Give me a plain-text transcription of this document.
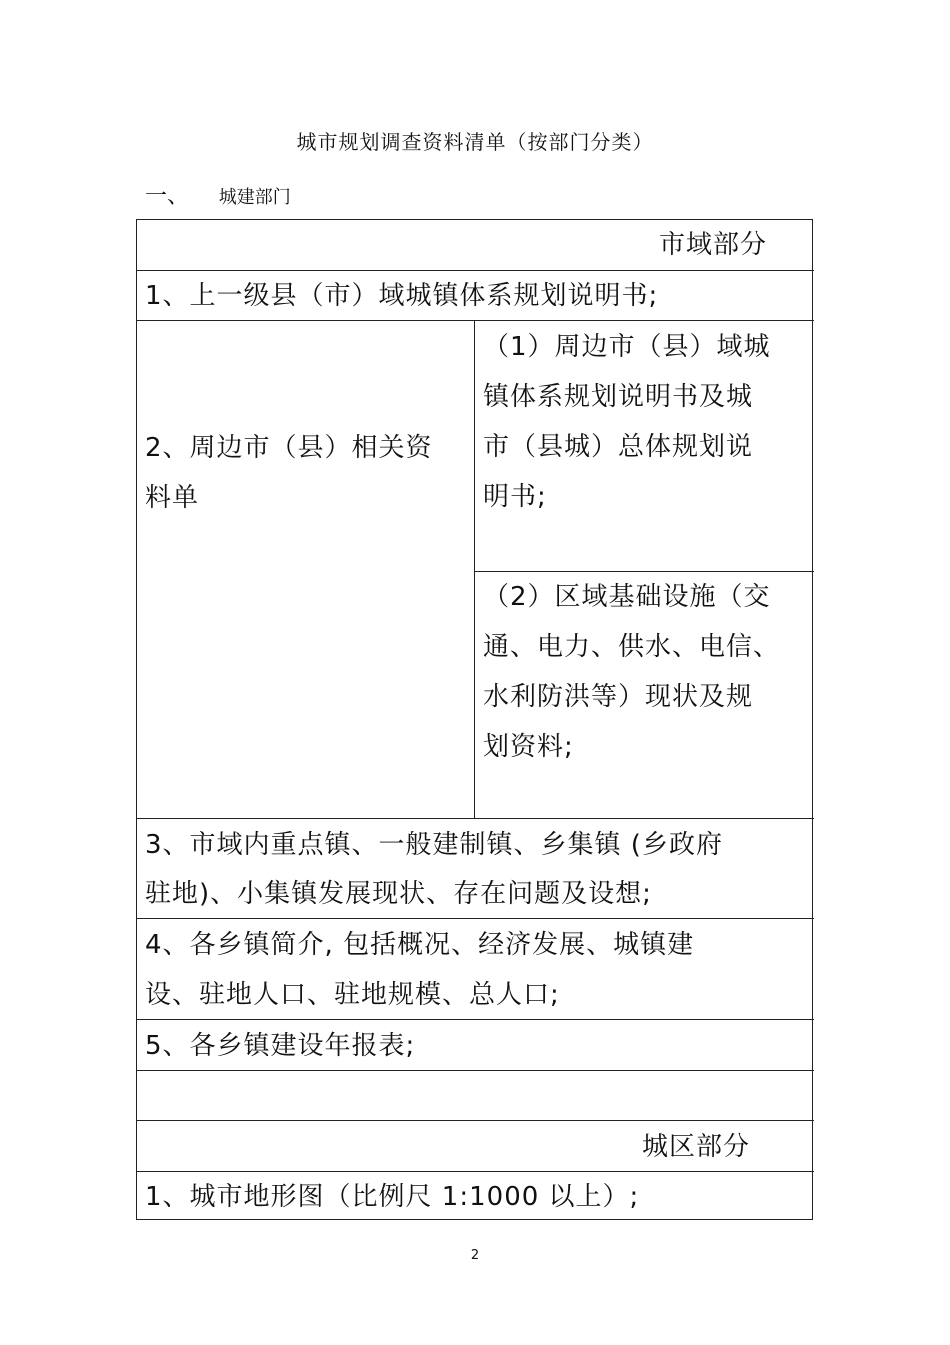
城市规划调查资料清单（按部门分类）
一、 城建部门
市域部分
1、上一级县（市）域城镇体系规划说明书;
2、周边市（县）相关资
料单
（1）周边市（县）域城
镇体系规划说明书及城
市（县城）总体规划说
明书;
（2）区域基础设施（交
通、电力、供水、电信、
水利防洪等）现状及规
划资料;
3、市域内重点镇、一般建制镇、乡集镇 (乡政府
驻地)、小集镇发展现状、存在问题及设想;
4、各乡镇简介, 包括概况、经济发展、城镇建
设、驻地人口、驻地规模、总人口;
5、各乡镇建设年报表;
城区部分
1、城市地形图（比例尺 1:1000 以上）;
2
